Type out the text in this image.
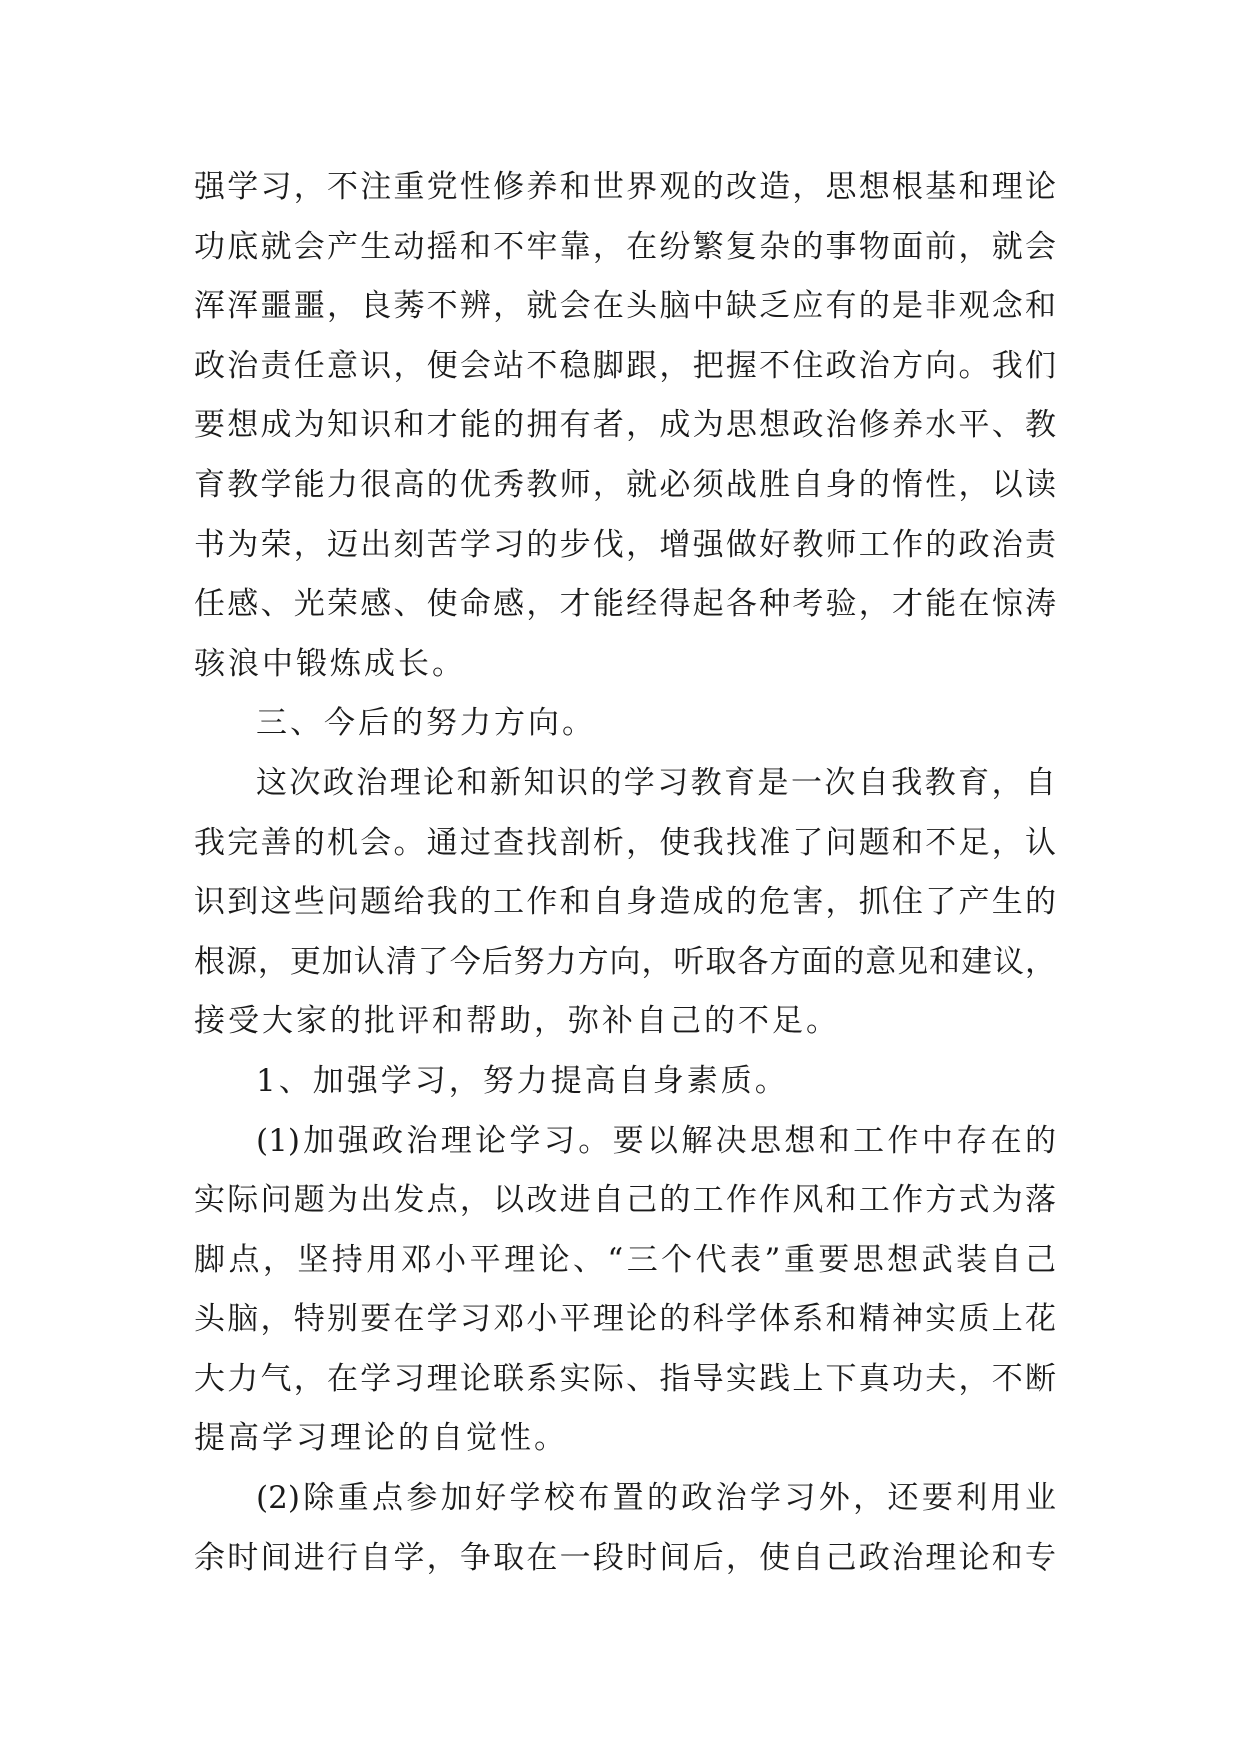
强学习，不注重党性修养和世界观的改造，思想根基和理论
功底就会产生动摇和不牢靠，在纷繁复杂的事物面前，就会
浑浑噩噩，良莠不辨，就会在头脑中缺乏应有的是非观念和
政治责任意识，便会站不稳脚跟，把握不住政治方向。我们
要想成为知识和才能的拥有者，成为思想政治修养水平、教
育教学能力很高的优秀教师，就必须战胜自身的惰性，以读
书为荣，迈出刻苦学习的步伐，增强做好教师工作的政治责
任感、光荣感、使命感，才能经得起各种考验，才能在惊涛
骇浪中锻炼成长。
三、今后的努力方向。
这次政治理论和新知识的学习教育是一次自我教育，自
我完善的机会。通过查找剖析，使我找准了问题和不足，认
识到这些问题给我的工作和自身造成的危害，抓住了产生的
根源，更加认清了今后努力方向，听取各方面的意见和建议，
接受大家的批评和帮助，弥补自己的不足。
1、加强学习，努力提高自身素质。
(1)加强政治理论学习。要以解决思想和工作中存在的
实际问题为出发点，以改进自己的工作作风和工作方式为落
脚点，坚持用邓小平理论、“三个代表”重要思想武装自己
头脑，特别要在学习邓小平理论的科学体系和精神实质上花
大力气，在学习理论联系实际、指导实践上下真功夫，不断
提高学习理论的自觉性。
(2)除重点参加好学校布置的政治学习外，还要利用业
余时间进行自学，争取在一段时间后，使自己政治理论和专
